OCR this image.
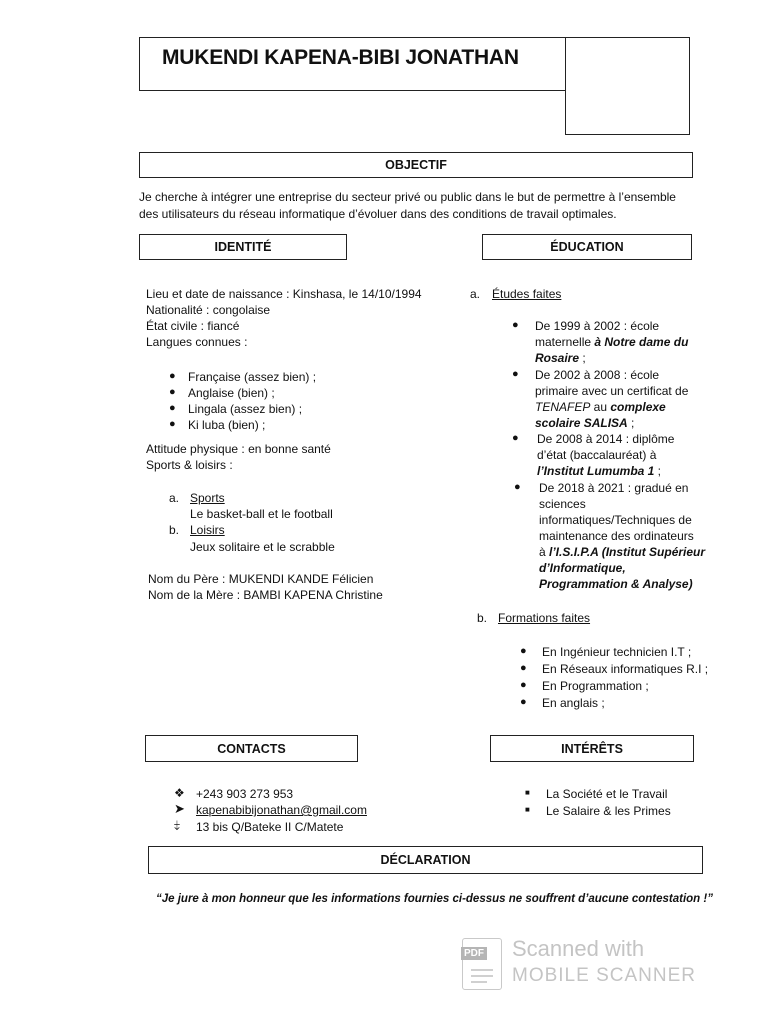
MUKENDI KAPENA-BIBI JONATHAN
OBJECTIF
Je cherche à intégrer une entreprise du secteur privé ou public dans le but de permettre à l’ensemble
des utilisateurs du réseau informatique d’évoluer dans des conditions de travail optimales.
IDENTITÉ
Lieu et date de naissance : Kinshasa, le 14/10/1994
Nationalité : congolaise
État civile : fiancé
Langues connues :
● Française (assez bien) ;
● Anglaise (bien) ;
● Lingala (assez bien) ;
● Ki luba (bien) ;
Attitude physique : en bonne santé
Sports & loisirs :
a. Sports
Le basket-ball et le football
b. Loisirs
Jeux solitaire et le scrabble
Nom du Père : MUKENDI KANDE Félicien
Nom de la Mère : BAMBI KAPENA Christine
ÉDUCATION
a. Études faites
● De 1999 à 2002 : école
maternelle à Notre dame du
Rosaire ;
● De 2002 à 2008 : école
primaire avec un certificat de
TENAFEP au complexe
scolaire SALISA ;
● De 2008 à 2014 : diplôme
d’état (baccalauréat) à
l’Institut Lumumba 1 ;
● De 2018 à 2021 : gradué en
sciences
informatiques/Techniques de
maintenance des ordinateurs
à l’I.S.I.P.A (Institut Supérieur
d’Informatique,
Programmation & Analyse)
b. Formations faites
● En Ingénieur technicien I.T ;
● En Réseaux informatiques R.I ;
● En Programmation ;
● En anglais ;
CONTACTS
❖ +243 903 273 953
➤ kapenabibijonathan@gmail.com
⤈ 13 bis Q/Bateke II C/Matete
INTÉRÊTS
■ La Société et le Travail
■ Le Salaire & les Primes
DÉCLARATION
“Je jure à mon honneur que les informations fournies ci-dessus ne souffrent d’aucune contestation !”
PDF Scanned with
MOBILE SCANNER
